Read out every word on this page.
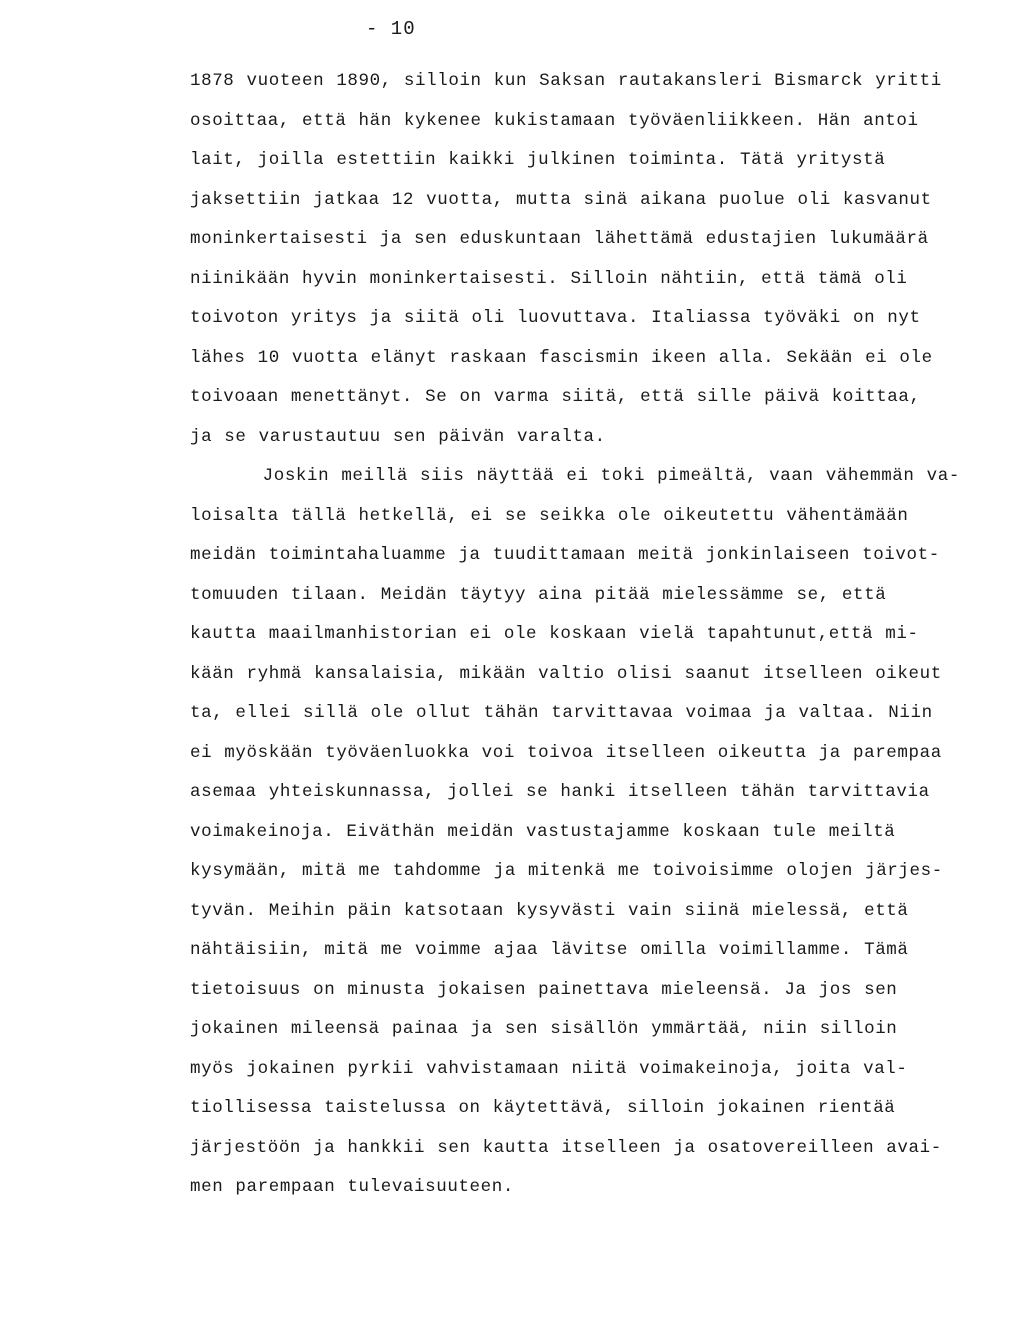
- 10
1878 vuoteen 1890, silloin kun Saksan rautakansleri Bismarck yritti
osoittaa, että hän kykenee kukistamaan työväenliikkeen. Hän antoi
lait, joilla estettiin kaikki julkinen toiminta. Tätä yritystä
jaksettiin jatkaa 12 vuotta, mutta sinä aikana puolue oli kasvanut
moninkertaisesti ja sen eduskuntaan lähettämä edustajien lukumäärä
niinikään hyvin moninkertaisesti. Silloin nähtiin, että tämä oli
toivoton yritys ja siitä oli luovuttava. Italiassa työväki on nyt
lähes 10 vuotta elänyt raskaan fascismin ikeen alla. Sekään ei ole
toivoaan menettänyt. Se on varma siitä, että sille päivä koittaa,
ja se varustautuu sen päivän varalta.
Joskin meillä siis näyttää ei toki pimeältä, vaan vähemmän va-
loisalta tällä hetkellä, ei se seikka ole oikeutettu vähentämään
meidän toimintahaluamme ja tuudittamaan meitä jonkinlaiseen toivot-
tomuuden tilaan. Meidän täytyy aina pitää mielessämme se, että
kautta maailmanhistorian ei ole koskaan vielä tapahtunut,että mi-
kään ryhmä kansalaisia, mikään valtio olisi saanut itselleen oikeut
ta, ellei sillä ole ollut tähän tarvittavaa voimaa ja valtaa. Niin
ei myöskään työväenluokka voi toivoa itselleen oikeutta ja parempaa
asemaa yhteiskunnassa, jollei se hanki itselleen tähän tarvittavia
voimakeinoja. Eiväthän meidän vastustajamme koskaan tule meiltä
kysymään, mitä me tahdomme ja mitenkä me toivoisimme olojen järjes-
tyvän. Meihin päin katsotaan kysyvästi vain siinä mielessä, että
nähtäisiin, mitä me voimme ajaa lävitse omilla voimillamme. Tämä
tietoisuus on minusta jokaisen painettava mieleensä. Ja jos sen
jokainen mileensä painaa ja sen sisällön ymmärtää, niin silloin
myös jokainen pyrkii vahvistamaan niitä voimakeinoja, joita val-
tiollisessa taistelussa on käytettävä, silloin jokainen rientää
järjestöön ja hankkii sen kautta itselleen ja osatovereilleen avai-
men parempaan tulevaisuuteen.
